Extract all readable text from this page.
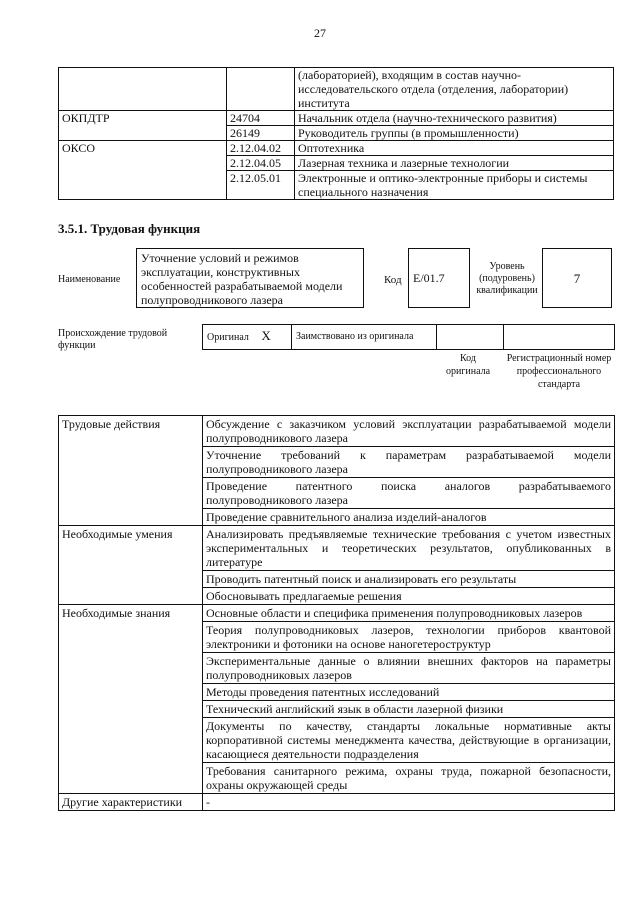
27
		(лабораторией), входящим в состав научно-исследовательского отдела (отделения, лаборатории) института
ОКПДТР	24704	Начальник отдела (научно-технического развития)
	26149	Руководитель группы (в промышленности)
ОКСО	2.12.04.02	Оптотехника
	2.12.04.05	Лазерная техника и лазерные технологии
	2.12.05.01	Электронные и оптико-электронные приборы и системы специального назначения
3.5.1. Трудовая функция
Наименование
Уточнение условий и режимов эксплуатации, конструктивных особенностей разрабатываемой модели полупроводникового лазера
Код E/01.7
Уровень (подуровень) квалификации
7
Происхождение трудовой функции
Оригинал X	Заимствовано из оригинала		
Код оригинала
Регистрационный номер профессионального стандарта
Трудовые действия	Обсуждение с заказчиком условий эксплуатации разрабатываемой модели полупроводникового лазера
	Уточнение требований к параметрам разрабатываемой модели полупроводникового лазера
	Проведение патентного поиска аналогов разрабатываемого полупроводникового лазера
	Проведение сравнительного анализа изделий-аналогов
Необходимые умения	Анализировать предъявляемые технические требования с учетом известных экспериментальных и теоретических результатов, опубликованных в литературе
	Проводить патентный поиск и анализировать его результаты
	Обосновывать предлагаемые решения
Необходимые знания	Основные области и специфика применения полупроводниковых лазеров
	Теория полупроводниковых лазеров, технологии приборов квантовой электроники и фотоники на основе наногетероструктур
	Экспериментальные данные о влиянии внешних факторов на параметры полупроводниковых лазеров
	Методы проведения патентных исследований
	Технический английский язык в области лазерной физики
	Документы по качеству, стандарты локальные нормативные акты корпоративной системы менеджмента качества, действующие в организации, касающиеся деятельности подразделения
	Требования санитарного режима, охраны труда, пожарной безопасности, охраны окружающей среды
Другие характеристики	-
